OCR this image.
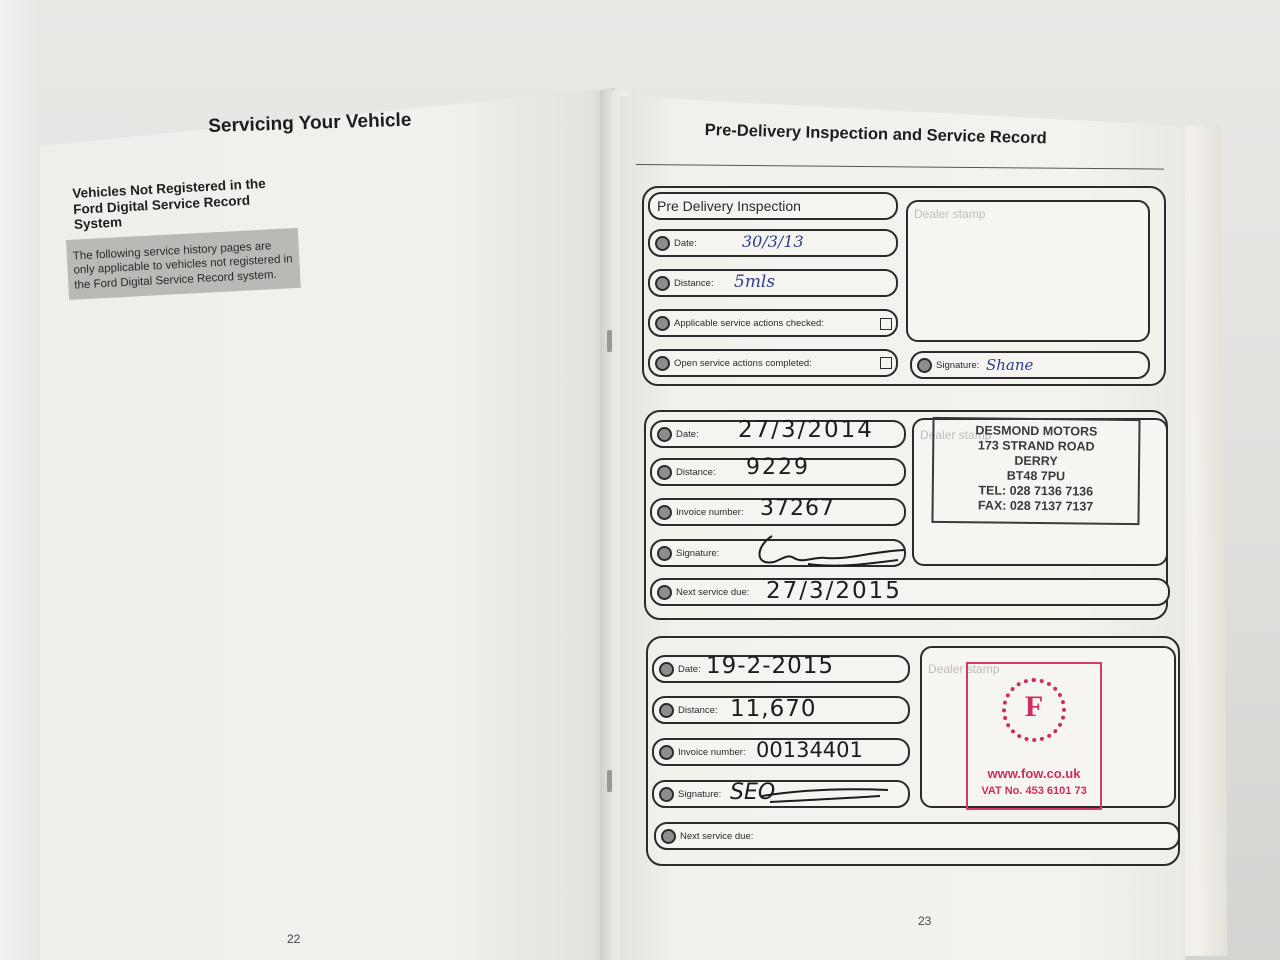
Servicing Your Vehicle
Vehicles Not Registered in the Ford Digital Service Record System
The following service history pages are only applicable to vehicles not registered in the Ford Digital Service Record system.
22
Pre-Delivery Inspection and Service Record
Pre Delivery Inspection
Date:	30/3/13
Distance: 5mls
Applicable service actions checked:
Open service actions completed:
Dealer stamp
Signature: Shane
Date: 27/3/2014
Distance: 9229
Invoice number: 37267
Signature:
Next service due: 27/3/2015
Dealer stamp
DESMOND MOTORS
173 STRAND ROAD
DERRY
BT48 7PU
TEL: 028 7136 7136
FAX: 028 7137 7137
Date: 19-2-2015
Distance: 11,670
Invoice number: 00134401
Signature: SEO
Next service due:
Dealer stamp
F
www.fow.co.uk
VAT No. 453 6101 73
23
